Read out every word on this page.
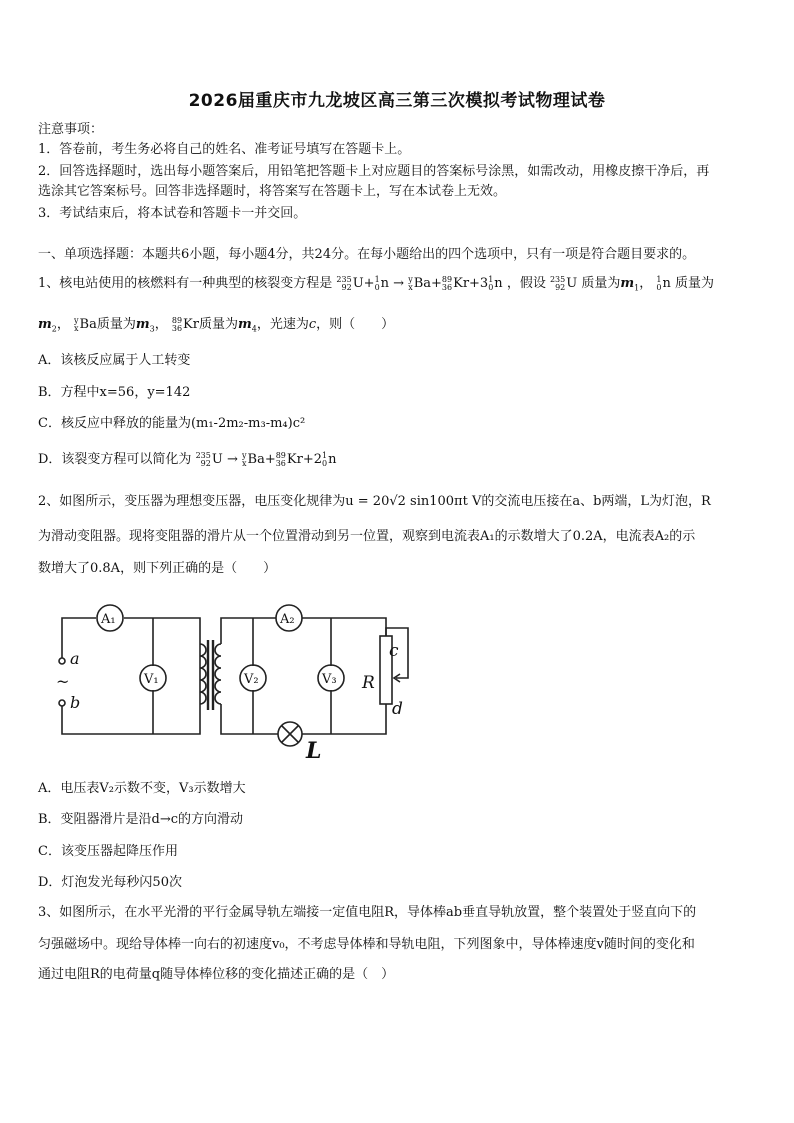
2026届重庆市九龙坡区高三第三次模拟考试物理试卷
注意事项：
1．答卷前，考生务必将自己的姓名、准考证号填写在答题卡上。
2．回答选择题时，选出每小题答案后，用铅笔把答题卡上对应题目的答案标号涂黑，如需改动，用橡皮擦干净后，再
选涂其它答案标号。回答非选择题时，将答案写在答题卡上，写在本试卷上无效。
3．考试结束后，将本试卷和答题卡一并交回。
一、单项选择题：本题共6小题，每小题4分，共24分。在每小题给出的四个选项中，只有一项是符合题目要求的。
1、核电站使用的核燃料有一种典型的核裂变方程是 235
92 U+ 1
0 n → y
x Ba+ 89
36 Kr+3 1
0 n ，假设 235
92 U 质量为$m_1$， 1
0 n 质量为
$m_2$， y
x Ba质量为$m_3$， 89
36 Kr质量为$m_4$，光速为c，则（　　）
A．该核反应属于人工转变
B．方程中x=56，y=142
C．核反应中释放的能量为(m₁-2m₂-m₃-m₄)c²
D．该裂变方程可以简化为 235
92 U → y
x Ba+ 89
36 Kr+2 1
0 n
2、如图所示，变压器为理想变压器，电压变化规律为u = 20√2 sin100πt V的交流电压接在a、b两端，L为灯泡，R
为滑动变阻器。现将变阻器的滑片从一个位置滑动到另一位置，观察到电流表A₁的示数增大了0.2A，电流表A₂的示
数增大了0.8A，则下列正确的是（　　）
a
~
b
A₁	A₂
V₁	V₂	V₃ R
c
d
L
A．电压表V₂示数不变，V₃示数增大
B．变阻器滑片是沿d→c的方向滑动
C．该变压器起降压作用
D．灯泡发光每秒闪50次
3、如图所示，在水平光滑的平行金属导轨左端接一定值电阻R，导体棒ab垂直导轨放置，整个装置处于竖直向下的
匀强磁场中。现给导体棒一向右的初速度v₀，不考虑导体棒和导轨电阻，下列图象中，导体棒速度v随时间的变化和
通过电阻R的电荷量q随导体棒位移的变化描述正确的是（　）
